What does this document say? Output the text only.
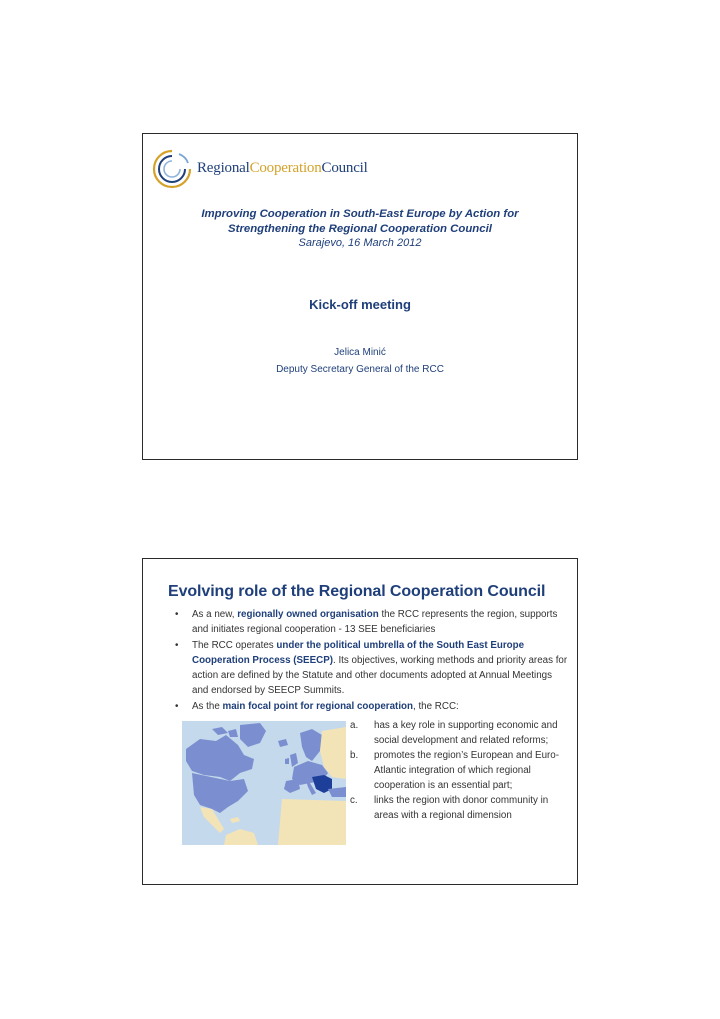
RegionalCooperationCouncil
Improving Cooperation in South-East Europe by Action for
Strengthening the Regional Cooperation Council
Sarajevo, 16 March 2012
Kick-off meeting
Jelica Minić
Deputy Secretary General of the RCC
Evolving role of the Regional Cooperation Council
• As a new, regionally owned organisation the RCC represents the region, supports and initiates regional cooperation - 13 SEE beneficiaries
• The RCC operates under the political umbrella of the South East Europe Cooperation Process (SEECP). Its objectives, working methods and priority areas for action are defined by the Statute and other documents adopted at Annual Meetings and endorsed by SEECP Summits.
• As the main focal point for regional cooperation, the RCC:
a. has a key role in supporting economic and social development and related reforms;
b. promotes the region’s European and Euro-Atlantic integration of which regional cooperation is an essential part;
c. links the region with donor community in areas with a regional dimension
